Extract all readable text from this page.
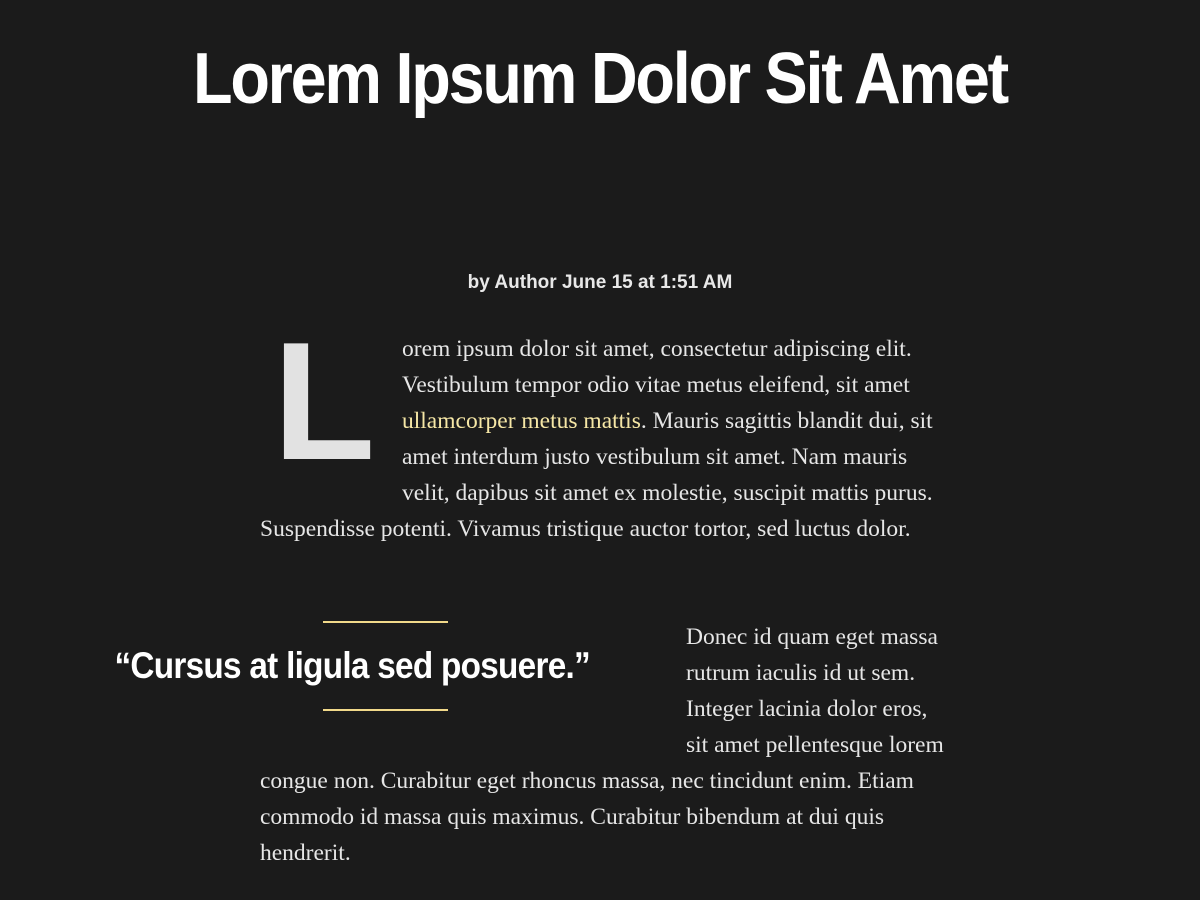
Lorem Ipsum Dolor Sit Amet
by Author June 15 at 1:51 AM

L	orem ipsum dolor sit amet, consectetur adipiscing elit. Vestibulum tempor odio vitae metus eleifend, sit amet ullamcorper metus mattis. Mauris sagittis blandit dui, sit amet interdum justo vestibulum sit amet. Nam mauris velit, dapibus sit amet ex molestie, suscipit mattis purus. Suspendisse potenti. Vivamus tristique auctor tortor, sed luctus dolor.

Donec id quam eget massa rutrum iaculis id ut sem. Integer lacinia dolor eros, sit amet pellentesque lorem congue non. Curabitur eget rhoncus massa, nec tincidunt enim. Etiam commodo id massa quis maximus. Curabitur bibendum at dui quis hendrerit.

“Cursus at ligula sed posuere.”
